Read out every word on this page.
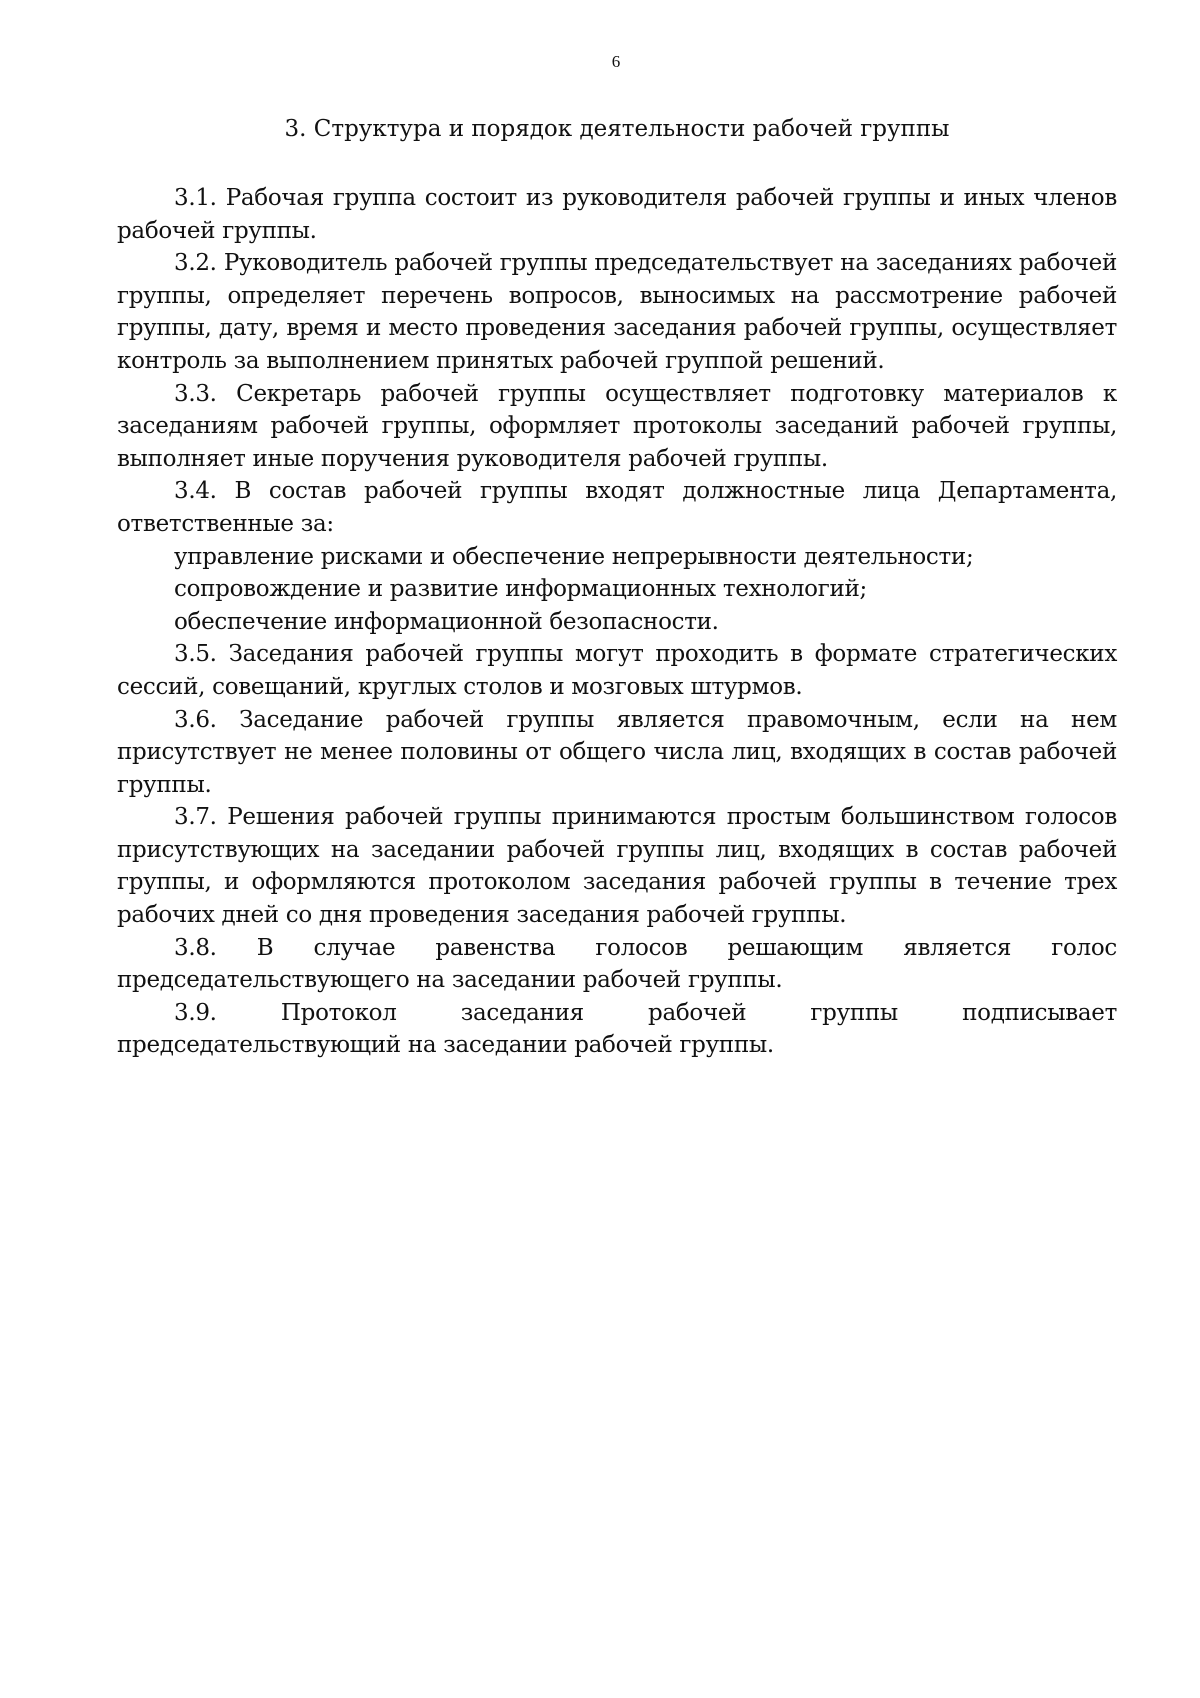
6
3. Структура и порядок деятельности рабочей группы

3.1. Рабочая группа состоит из руководителя рабочей группы и иных членов рабочей группы.

3.2. Руководитель рабочей группы председательствует на заседаниях рабочей группы, определяет перечень вопросов, выносимых на рассмотрение рабочей группы, дату, время и место проведения заседания рабочей группы, осуществляет контроль за выполнением принятых рабочей группой решений.

3.3. Секретарь рабочей группы осуществляет подготовку материалов к заседаниям рабочей группы, оформляет протоколы заседаний рабочей группы, выполняет иные поручения руководителя рабочей группы.

3.4. В состав рабочей группы входят должностные лица Департамента, ответственные за:

управление рисками и обеспечение непрерывности деятельности;

сопровождение и развитие информационных технологий;

обеспечение информационной безопасности.

3.5. Заседания рабочей группы могут проходить в формате стратегических сессий, совещаний, круглых столов и мозговых штурмов.

3.6. Заседание рабочей группы является правомочным, если на нем присутствует не менее половины от общего числа лиц, входящих в состав рабочей группы.

3.7. Решения рабочей группы принимаются простым большинством голосов присутствующих на заседании рабочей группы лиц, входящих в состав рабочей группы, и оформляются протоколом заседания рабочей группы в течение трех рабочих дней со дня проведения заседания рабочей группы.

3.8. В случае равенства голосов решающим является голос председательствующего на заседании рабочей группы.

3.9. Протокол заседания рабочей группы подписывает председательствующий на заседании рабочей группы.
